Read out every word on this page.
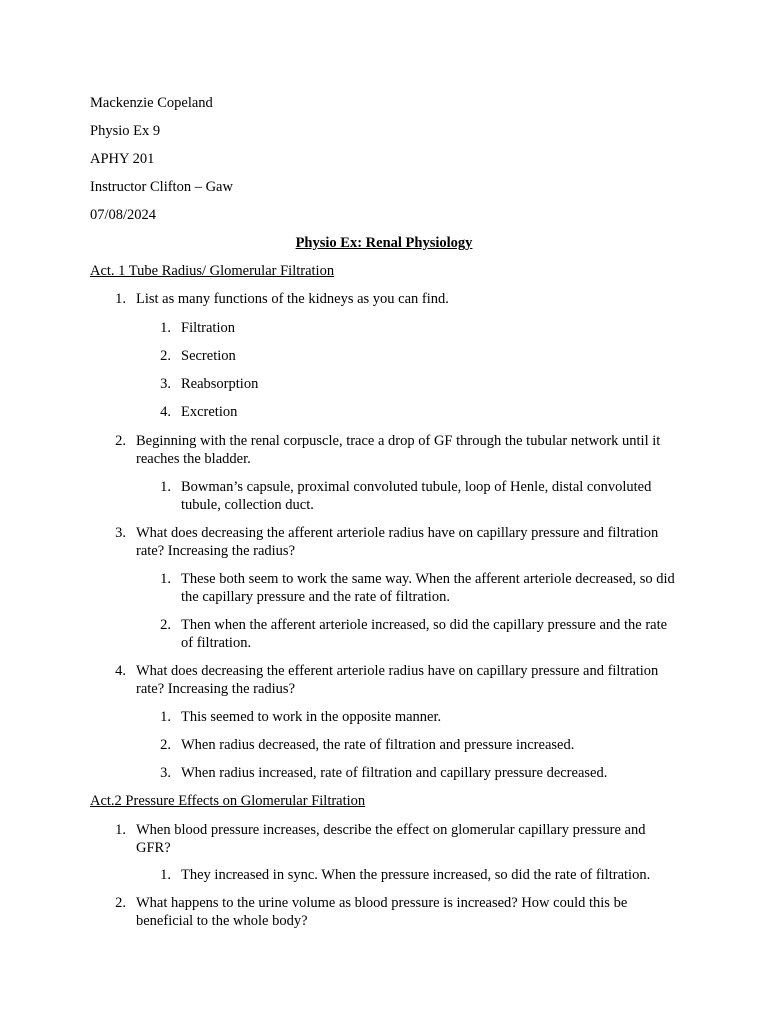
Mackenzie Copeland
Physio Ex 9
APHY 201
Instructor Clifton – Gaw
07/08/2024
Physio Ex: Renal Physiology
Act. 1 Tube Radius/ Glomerular Filtration
1. List as many functions of the kidneys as you can find.
1. Filtration
2. Secretion
3. Reabsorption
4. Excretion
2. Beginning with the renal corpuscle, trace a drop of GF through the tubular network until it reaches the bladder.
1. Bowman’s capsule, proximal convoluted tubule, loop of Henle, distal convoluted tubule, collection duct.
3. What does decreasing the afferent arteriole radius have on capillary pressure and filtration rate? Increasing the radius?
1. These both seem to work the same way. When the afferent arteriole decreased, so did the capillary pressure and the rate of filtration.
2. Then when the afferent arteriole increased, so did the capillary pressure and the rate of filtration.
4. What does decreasing the efferent arteriole radius have on capillary pressure and filtration rate? Increasing the radius?
1. This seemed to work in the opposite manner.
2. When radius decreased, the rate of filtration and pressure increased.
3. When radius increased, rate of filtration and capillary pressure decreased.
Act.2 Pressure Effects on Glomerular Filtration
1. When blood pressure increases, describe the effect on glomerular capillary pressure and GFR?
1. They increased in sync. When the pressure increased, so did the rate of filtration.
2. What happens to the urine volume as blood pressure is increased? How could this be beneficial to the whole body?
